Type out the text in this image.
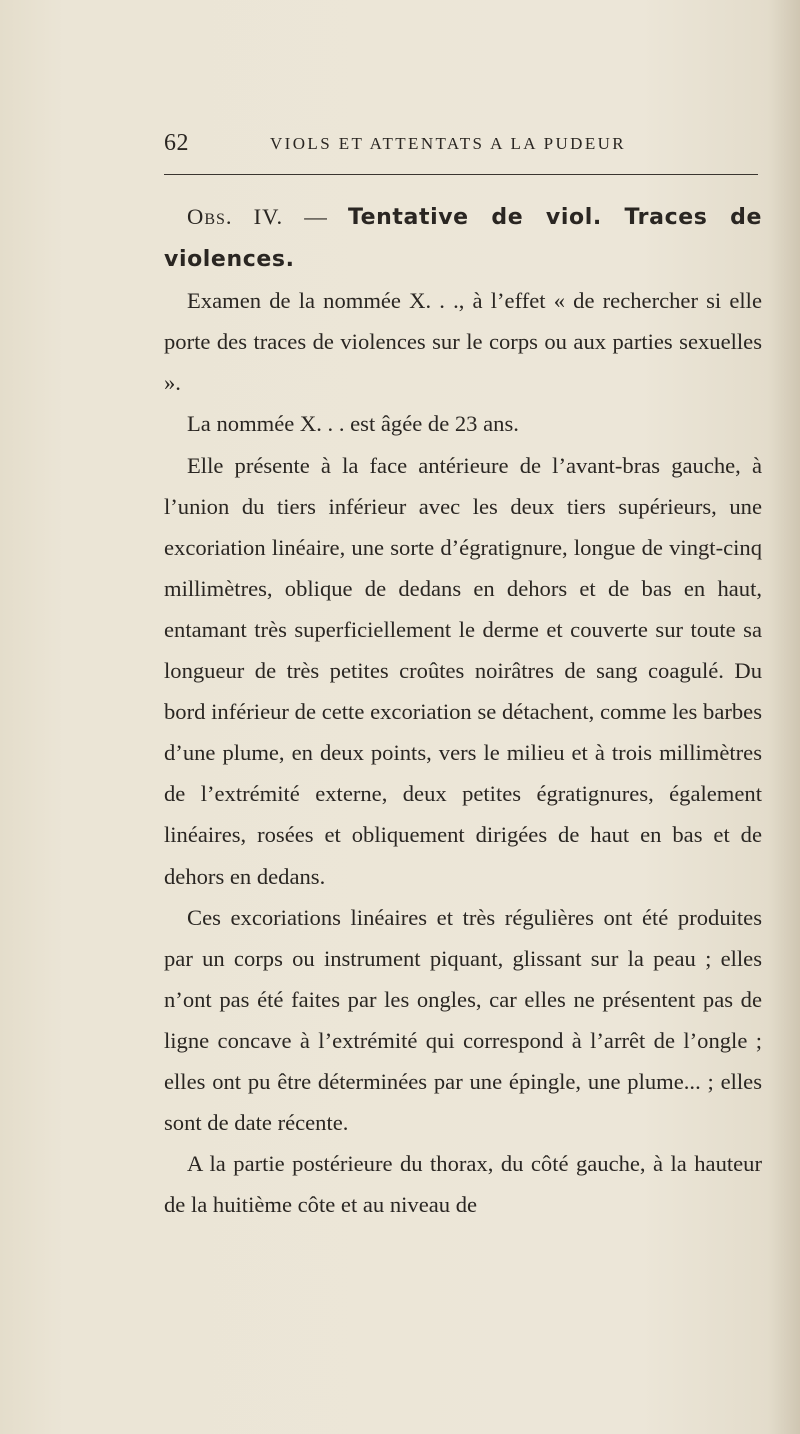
62	VIOLS ET ATTENTATS A LA PUDEUR

Obs. IV. — Tentative de viol. Traces de violences.

Examen de la nommée X. . ., à l’effet « de rechercher si elle porte des traces de violences sur le corps ou aux parties sexuelles ».

La nommée X. . . est âgée de 23 ans.

Elle présente à la face antérieure de l’avant-bras gauche, à l’union du tiers inférieur avec les deux tiers supérieurs, une excoriation linéaire, une sorte d’égratignure, longue de vingt-cinq millimètres, oblique de dedans en dehors et de bas en haut, entamant très superficiellement le derme et couverte sur toute sa longueur de très petites croûtes noirâtres de sang coagulé. Du bord inférieur de cette excoriation se détachent, comme les barbes d’une plume, en deux points, vers le milieu et à trois millimètres de l’extrémité externe, deux petites égratignures, également linéaires, rosées et obliquement dirigées de haut en bas et de dehors en dedans.

Ces excoriations linéaires et très régulières ont été produites par un corps ou instrument piquant, glissant sur la peau ; elles n’ont pas été faites par les ongles, car elles ne présentent pas de ligne concave à l’extrémité qui correspond à l’arrêt de l’ongle ; elles ont pu être déterminées par une épingle, une plume... ; elles sont de date récente.

A la partie postérieure du thorax, du côté gauche, à la hauteur de la huitième côte et au niveau de
